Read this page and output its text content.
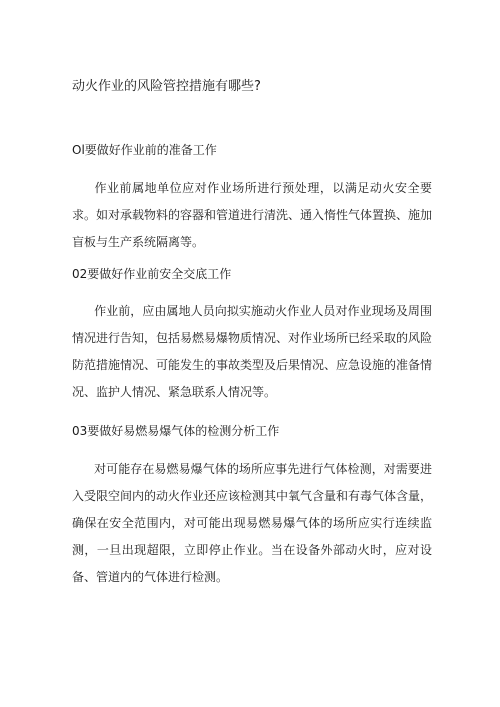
动火作业的风险管控措施有哪些?
Ol要做好作业前的准备工作
作业前属地单位应对作业场所进行预处理，以满足动火安全要求。如对承载物料的容器和管道进行清洗、通入惰性气体置换、施加盲板与生产系统隔离等。
02要做好作业前安全交底工作
作业前，应由属地人员向拟实施动火作业人员对作业现场及周围情况进行告知，包括易燃易爆物质情况、对作业场所已经采取的风险防范措施情况、可能发生的事故类型及后果情况、应急设施的准备情况、监护人情况、紧急联系人情况等。
03要做好易燃易爆气体的检测分析工作
对可能存在易燃易爆气体的场所应事先进行气体检测，对需要进入受限空间内的动火作业还应该检测其中氧气含量和有毒气体含量，确保在安全范围内，对可能出现易燃易爆气体的场所应实行连续监测，一旦出现超限，立即停止作业。当在设备外部动火时，应对设备、管道内的气体进行检测。
